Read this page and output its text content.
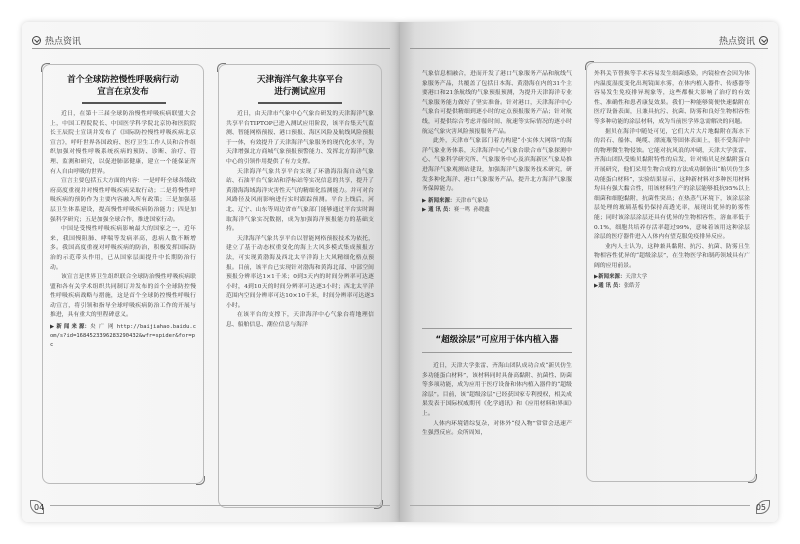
热点资讯
首个全球防控慢性呼吸病行动
宣言在京发布

近日，在第十三届全球防治慢性呼吸疾病联盟大会上，中国工程院院长、中国医学科学院北京协和医院院长王辰院士宣读并发布了《国际防控慢性呼吸疾病北京宣言》，呼吁世界各国政府、医疗卫生工作人员和合作组织加强对慢性呼吸系统疾病的预防、诊断、治疗、管理、监测和研究，以促进肺部健康，建立一个能保证所有人自由呼吸的世界。

宣言主要包括五大方面的内容：一是呼吁全球各级政府高度重视并对慢性呼吸疾病采取行动；二是将慢性呼吸疾病的预防作为主要内容融入所有政策；三是加强基层卫生体系建设，提高慢性呼吸疾病防治能力；四是加强科学研究；五是加强全球合作，推进国家行动。

中国是受慢性呼吸疾病影响最大的国家之一，近年来，我国慢阻肺、哮喘等发病率高，患病人数不断增多。我国高度重视对呼吸疾病的防治，积极发挥国际防治的示范带头作用，已从国家层面提升中长期防治行动。

该宣言是世界卫生组织联合全球防治慢性呼吸疾病联盟和各有关学术组织共同制订并发布的首个全球防控慢性呼吸疾病战略与措施，这是首个全球防控慢性呼吸行动宣言，将引领和指导全球呼吸疾病防治工作的开展与推进，具有重大的里程碑意义。

▶ 新 闻 来 源：央 广 网 http://baijiahao.baidu.com/s?id=1684523396283290432&wfr=spider&for=pc

天津海洋气象共享平台
进行测试应用

近日，由天津市气象中心气象台研发的天津海洋气象共享平台TIPTOP已进入测试应用阶段，该平台集天气监测、智能网格预报、港口预报、海区风险及航线风险预报于一体，有效提升了天津海洋气象服务的现代化水平，为天津增强北方商城气象预报预警能力、发挥北方海洋气象中心的引领作用提供了有力支撑。

天津海洋气象共享平台实现了环渤海沿海自动气象站、石油平台气象站和浮标站等实况信息的共享，提升了黄渤海海域海洋灾害性天气的精细化监测能力。并可对台风路径及风雨影响进行实时跟踪预测。平台上线后，河北、辽宁、山东等周边省市气象部门能够通过平台实时调取海洋气象实况数据，成为加强海洋预报能力的基础支持。

天津海洋气象共享平台以智能网格预报技术为依托，建立了基于动态权重变化的海上大风多模式集成预报方法，可实现黄渤海及西北太平洋海上大风精细化格点预报。目前，该平台已实现针对渤海和黄海北部、中部空间预报分辨率达1×1千米；0到3天内的时间分辨率可达逐小时，4到10天的时间分辨率可达逐3小时；西北太平洋范围内空间分辨率可达10×10千米，时间分辨率可达逐3小时。

在该平台的支撑下，天津海洋中心气象台将地理信息、船舶信息、潮位信息与海洋

04
热点资讯

气象信息相融合，进而开发了港口气象服务产品和航线气象服务产品，共覆盖了包括日本海、黄渤海在内的31个主要港口和21条航线的气象预报预测，为提升天津海洋专业气象服务能力做好了坚实准备。针对港口，天津海洋中心气象台可提供精细到逐小时的定点预报服务产品；针对航线，可提供综合考虑并船时间、航速等实际情况的逐小时航运气象灾害风险预报服务产品。

此外，天津市气象部门着力构建“小实体大网络”的海洋气象业务体系，天津海洋中心气象台联合市气象探测中心、气象科学研究所、气象服务中心及滨海新区气象局推进海洋气象观测站建设，加强海洋气象服务技术研究，研发多种化海洋、港口气象服务产品，提升北方海洋气象服务保障能力。

▶ 新闻来源：天津市气象局

▶ 通 讯 员：赛一鸣 孙晓鑫

“超级涂层”可应用于体内植入器

近日，天津大学张雷、齐海山团队成功合成“新贝仿生多功能蛋白材料”，该材料同时具备高黏附、抗菌性、防菌等多项功能，成为应用于医疗设备和体内植入器件的“超级涂层”。目前，该“超级涂层”已经获国家专利授权，相关成果发表于国际权威期刊《化学通讯》和《应用材料和界面》上。

人体内环境错综复杂，对体外“侵入物”常常会迅速产生强烈反应。众所周知，

外科关节替换等手术容易发生细菌感染，内镜检查会因为体内温度湿度变化出现镜面水雾，在体内植入器件、传感器等容易发生免疫排异现象等，这些都极大影响了治疗的有效性、准确性和患者康复效果。我们一种能够简便快速黏附在医疗设备表面，且兼具抗污、抗菌、防雾和良好生物相容性等多种功能的涂层材料，成为当前医学界急需解决的问题。

据贝在海洋中随处可见，它们大片大片地黏附在海水下的岩石、船体、绳缆、漂流瓶等固体表面上，很不受海洋中的物理微生物侵蚀。它能对抗风浪的冲刷，天津大学张雷、齐海山团队受贻贝黏附特性的启发，针对贻贝足丝黏附蛋白开展研究，他们采用生物合成的方法成功制备出“贻贝仿生多功能蛋白材料”，实验结果显示，这种新材料对多种医用材料均具有强大黏合性，用该材料生产的涂层能够抵抗95%以上细菌和细胞黏附，抗菌性突出；在热蒸气环境下，该涂层涂层处理的玻璃基板仍保持高透光率，展现出优异的防雾性能；同时该涂层涂层还具有优异的生物相容性，溶血率低于0.1%，细胞共培养存活率超过99%，意味着该用这种涂层涂层的医疗器件进入人体内有望克服免疫排异反应。

业内人士认为，这种兼具黏附、抗污、抗菌、防雾且生物相容性优异的“超级涂层”，在生物医学和制药领域具有广阔的应用前景。

▶新闻来源：天津大学

▶通 讯 员：张皓芳

05
